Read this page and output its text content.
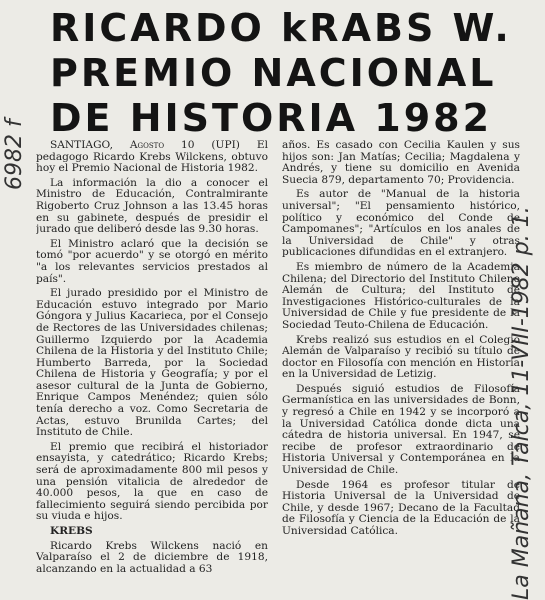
6982 f
RICARDO kRABS W.
PREMIO NACIONAL
DE HISTORIA 1982

SANTIAGO, Agosto 10 (UPI) El pedagogo Ricardo Krebs Wilckens, obtuvo hoy el Premio Nacional de Historia 1982.

La información la dio a conocer el Ministro de Educación, Contralmirante Rigoberto Cruz Johnson a las 13.45 horas en su gabinete, después de presidir el jurado que deliberó desde las 9.30 horas.

El Ministro aclaró que la decisión se tomó "por acuerdo" y se otorgó en mérito "a los relevantes servicios prestados al país".

El jurado presidido por el Ministro de Educación estuvo integrado por Mario Góngora y Julius Kacarieca, por el Consejo de Rectores de las Universidades chilenas; Guillermo Izquierdo por la Academia Chilena de la Historia y del Instituto Chile; Humberto Barreda, por la Sociedad Chilena de Historia y Geografía; y por el asesor cultural de la Junta de Gobierno, Enrique Campos Menéndez; quien sólo tenía derecho a voz. Como Secretaria de Actas, estuvo Brunilda Cartes; del Instituto de Chile.

El premio que recibirá el historiador ensayista, y catedrático; Ricardo Krebs; será de aproximadamente 800 mil pesos y una pensión vitalicia de alrededor de 40.000 pesos, la que en caso de fallecimiento seguirá siendo percibida por su viuda e hijos.

KREBS

Ricardo Krebs Wilckens nació en Valparaíso el 2 de diciembre de 1918, alcanzando en la actualidad a 63

años. Es casado con Cecilia Kaulen y sus hijos son: Jan Matías; Cecilia; Magdalena y Andrés, y tiene su domicilio en Avenida Suecia 879, departamento 70; Providencia.

Es autor de "Manual de la historia universal"; "El pensamiento histórico, político y económico del Conde de Campomanes"; "Artículos en los anales de la Universidad de Chile" y otras publicaciones difundidas en el extranjero.

Es miembro de número de la Academia Chilena; del Directorio del Instituto Chileno Alemán de Cultura; del Instituto de Investigaciones Histórico-culturales de la Universidad de Chile y fue presidente de la Sociedad Teuto-Chilena de Educación.

Krebs realizó sus estudios en el Colegio Alemán de Valparaíso y recibió su título de doctor en Filosofía con mención en Historia en la Universidad de Letizig.

Después siguió estudios de Filosofía Germanística en las universidades de Bonn, y regresó a Chile en 1942 y se incorporó a la Universidad Católica donde dicta una cátedra de historia universal. En 1947, se recibe de profesor extraordinario de Historia Universal y Contemporánea en la Universidad de Chile.

Desde 1964 es profesor titular de Historia Universal de la Universidad de Chile, y desde 1967; Decano de la Facultad de Filosofía y Ciencia de la Educación de la Universidad Católica.	La Mañana, Talca, 11-VIII-1982 p. 1.
